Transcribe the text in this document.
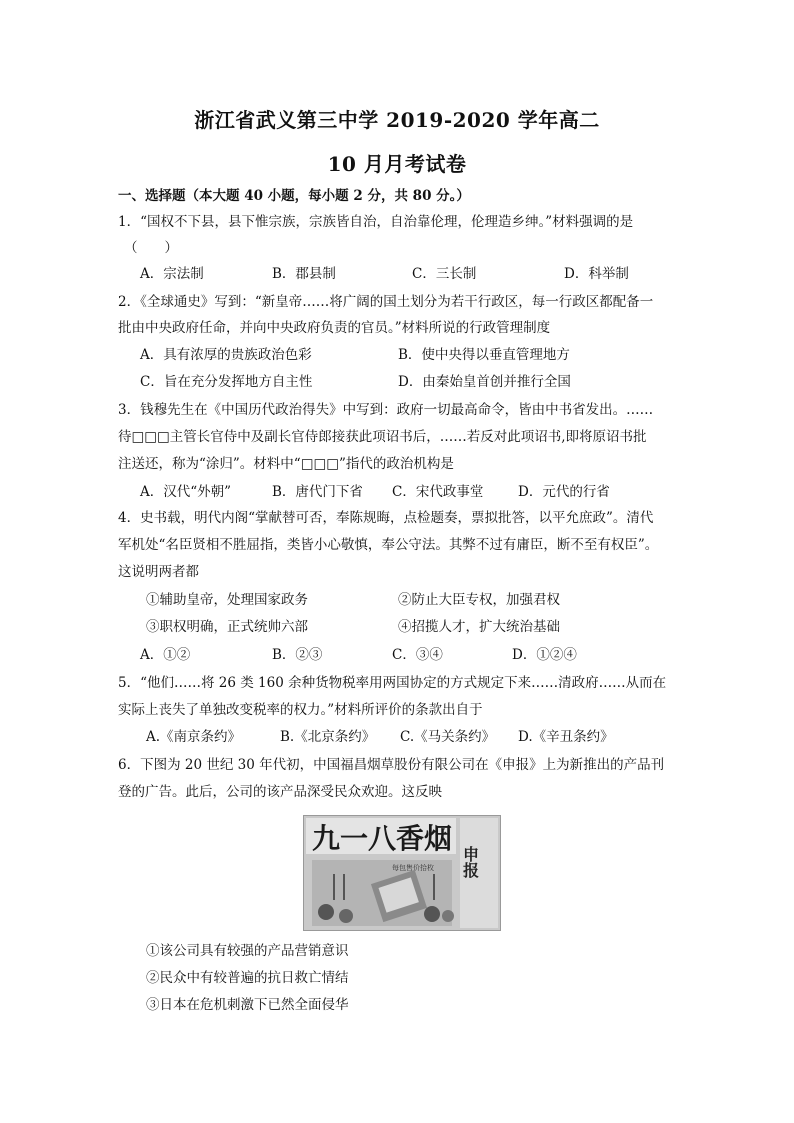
浙江省武义第三中学 2019-2020 学年高二
10 月月考试卷
一、选择题（本大题 40 小题，每小题 2 分，共 80 分。）
1．“国权不下县，县下惟宗族，宗族皆自治，自治靠伦理，伦理造乡绅。”材料强调的是
（　　）
A．宗法制	B．郡县制	C．三长制	D．科举制
2．《全球通史》写到：“新皇帝……将广阔的国土划分为若干行政区，每一行政区都配备一
批由中央政府任命，并向中央政府负责的官员。”材料所说的行政管理制度
A．具有浓厚的贵族政治色彩	B．使中央得以垂直管理地方
C．旨在充分发挥地方自主性	D．由秦始皇首创并推行全国
3．钱穆先生在《中国历代政治得失》中写到：政府一切最高命令，皆由中书省发出。……
待□□□主管长官侍中及副长官侍郎接获此项诏书后，……若反对此项诏书,即将原诏书批
注送还，称为“涂归”。材料中“□□□”指代的政治机构是
A．汉代“外朝”	B．唐代门下省 C．宋代政事堂	D．元代的行省
4．史书载，明代内阁“掌献替可否，奉陈规晦，点检题奏，票拟批答，以平允庶政”。清代
军机处“名臣贤相不胜屈指，类皆小心敬慎，奉公守法。其弊不过有庸臣，断不至有权臣”。
这说明两者都
①辅助皇帝，处理国家政务	②防止大臣专权，加强君权
③职权明确，正式统帅六部	④招揽人才，扩大统治基础
A．①②	B．②③	C．③④	D．①②④
5．“他们……将 26 类 160 余种货物税率用两国协定的方式规定下来……清政府……从而在
实际上丧失了单独改变税率的权力。”材料所评价的条款出自于
A.《南京条约》	B.《北京条约》 C.《马关条约》 D.《辛丑条约》
6．下图为 20 世纪 30 年代初，中国福昌烟草股份有限公司在《申报》上为新推出的产品刊
登的广告。此后，公司的该产品深受民众欢迎。这反映
九一八香烟
申报
每包售价拾枚
①该公司具有较强的产品营销意识
②民众中有较普遍的抗日救亡情结
③日本在危机刺激下已然全面侵华
